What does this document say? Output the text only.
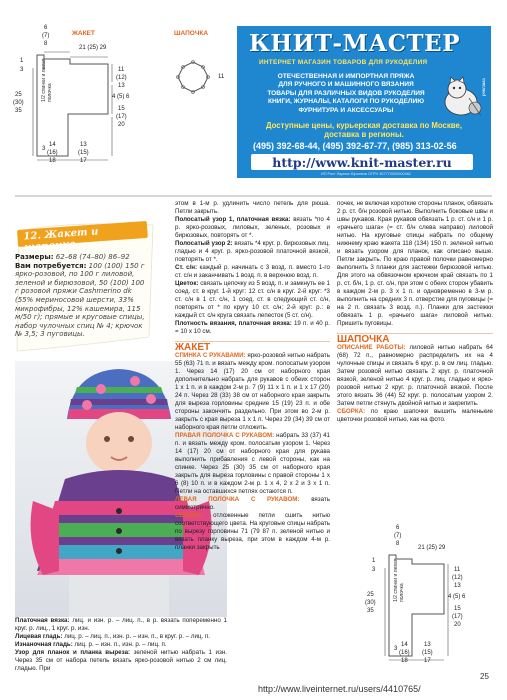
ЖАКЕТ
6
(7)
8
21 (25) 29
1
3
25
(30)
35
11
(12)
13
4 (5) 6
15
(17)
20
3
14
(16)
18
13
(15)
17
1/2 спинки и левая полочка
ШАПОЧКА
11
КНИТ-МАСТЕР
ИНТЕРНЕТ МАГАЗИН ТОВАРОВ ДЛЯ РУКОДЕЛИЯ
ОТЕЧЕСТВЕННАЯ И ИМПОРТНАЯ ПРЯЖА
ДЛЯ РУЧНОГО И МАШИННОГО ВЯЗАНИЯ
ТОВАРЫ ДЛЯ РАЗЛИЧНЫХ ВИДОВ РУКОДЕЛИЯ
КНИГИ, ЖУРНАЛЫ, КАТАЛОГИ ПО РУКОДЕЛИЮ
ФУРНИТУРА И АКСЕССУАРЫ
реклама
Доступные цены, курьерская доставка по Москве, доставка в регионы.
(495) 392-68-44, (495) 392-67-77, (985) 313-02-56
http://www.knit-master.ru
ИП Рост Лариса Юрьевна ОГРН 307770000000462
12. Жакет и шапочка
Размеры: 62–68 (74–80) 86–92
Вам потребуется: 100 (100) 150 г ярко-розовой, по 100 г лиловой, зеленой и бирюзовой, 50 (100) 100 г розовой пряжи Cashmerino dk (55% мериносовой шерсти, 33% микрофибры, 12% кашемира, 115 м/50 г); прямые и круговые спицы, набор чулочных спиц № 4; крючок № 3,5; 3 пуговицы.

Платочная вязка: лиц. и изн. р. – лиц. п., в р. вязать попеременно 1 круг. р. лиц., 1 круг. р. изн.

Лицевая гладь: лиц. р. – лиц. п., изн. р. – изн. п., в круг. р. – лиц. п.

Изнаночная гладь: лиц. р. – изн. п., изн. р. – лиц. п.

Узор для планок и планка выреза: зеленой нитью набрать 1 изн. Через 35 см от набора петель вязать ярко-розовой нитью 2 см лиц. гладью. При

этом в 1-м р. удлинить число петель для рюша. Петли закрыть.

Полосатый узор 1, платочная вязка: вязать *по 4 р. ярко-розовых, лиловых, зеленых, розовых и бирюзовых, повторять от *.

Полосатый узор 2: вязать *4 круг. р. бирюзовых лиц. гладью и 4 круг. р. ярко-розовой платочной вязкой, повторять от *.

Ст. с/н: каждый р. начинать с 3 возд. п. вместо 1-го ст. с/н и заканчивать 1 возд. п. в верхнюю возд. п.

Цветок: связать цепочку из 5 возд. п. и замкнуть ее 1 соед. ст. в круг. 1-й круг: 12 ст. с/н в круг. 2-й круг: *3 ст. с/н в 1 ст. с/н, 1 соед. ст. в следующий ст. с/н, повторять от * по кругу 10 ст. с/н; 2-й круг: р.: в каждый ст. с/н круга связать лепесток (5 ст. с/н).

Плотность вязания, платочная вязка: 19 п. и 40 р. = 10 х 10 см.

ЖАКЕТ

СПИНКА С РУКАВАМИ: ярко-розовой нитью набрать 55 (63) 71 п. и вязать между кром. полосатым узором 1. Через 14 (17) 20 см от наборного края дополнительно набрать для рукавов с обеих сторон 1 х 1 п. и в каждом 2-м р. 7 (9) 11 х 1 п. и 1 х 17 (20) 24 п. Через 28 (33) 38 см от наборного края закрыть для выреза горловины средние 15 (19) 23 п. и обе стороны закончить раздельно. При этом во 2-м р. закрыть с края выреза 1 х 1 п. Через 29 (34) 39 см от наборного края петли отложить.

ПРАВАЯ ПОЛОЧКА С РУКАВОМ: набрать 33 (37) 41 п. и вязать между кром. полосатым узором 1. Через 14 (17) 20 см от наборного края для рукава выполнить прибавления с левой стороны, как на спинке. Через 25 (30) 35 см от наборного края закрыть для выреза горловины с правой стороны 1 х 6 (8) 10 п. и в каждом 2-м р. 1 х 4, 2 х 2 и 3 х 1 п. Петли на оставшихся петлях остаются п.

ЛЕВАЯ ПОЛОЧКА С РУКАВОМ: вязать симметрично.

СБОРКА: отложенные петли сшить нитью соответствующего цвета. На круговые спицы набрать по вырезу горловины 71 (79 87 п. зеленой нитью и вязать планку выреза, при этом в каждом 4-м р. планки закрыть

почек, не включая короткие стороны планок, обвязать 2 р. ст. б/н розовой нитью. Выполнить боковые швы и швы рукавов. Края рукавов обвязать 1 р. ст. с/н и 1 р. «рачьего шага» (= ст. б/н слева направо) лиловой нитью. На круговые спицы набрать по общему нижнему краю жакета 118 (134) 150 п. зеленой нитью и вязать узором для планок, как описано выше. Петли закрыть. По краю правой полочки равномерно выполнить 3 планки для застежки бирюзовой нитью. Для этого на обвязочном крючком край связать по 1 р. ст. б/н, 1 р. ст. с/н, при этом с обеих сторон убавить в каждом 2-м р. 3 х 1 п. и одновременно в 3-м р. выполнить на средних 3 п. отверстие для пуговицы (= на 2 п. связать 3 возд. п.). Планки для застежки обвязать 1 р. «рачьего шага» лиловой нитью. Пришить пуговицы.

ШАПОЧКА

ОПИСАНИЕ РАБОТЫ: лиловой нитью набрать 64 (68) 72 п., равномерно распределить их на 4 чулочные спицы и связать 6 круг. р. в см лиц. гладью. Затем розовой нитью связать 2 круг. р. платочной вязкой, зеленой нитью 4 круг. р. лиц. гладью и ярко-розовой нитью 2 круг. р. платочной вязкой. После этого вязать 36 (44) 52 круг. р. полосатым узором 2. Затем петли стянуть двойной нитью и закрепить.

СБОРКА: по краю шапочки вышить маленькие цветочки розовой нитью, как на фото.

6
(7)
8
21 (25) 29
1
3
25
(30)
35
11
(12)
13
4 (5) 6
15
(17)
20
3
14
(16)
18
13
(15)
17
1/2 спинки и левая полочка
http://www.liveinternet.ru/users/4410765/
25
